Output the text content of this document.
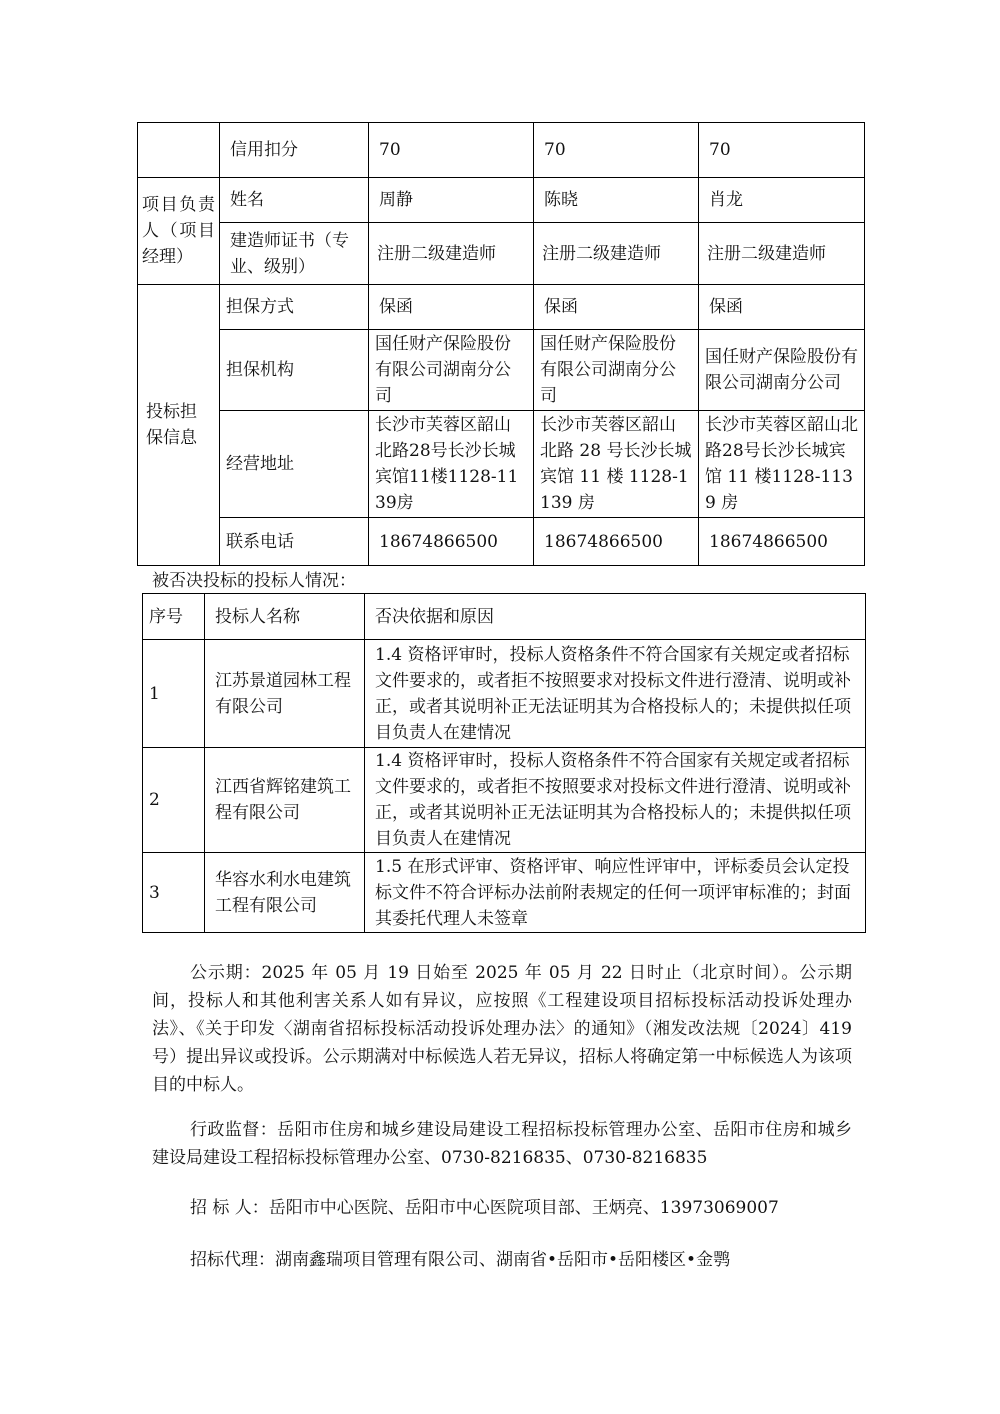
	信用扣分	70	70	70
项目负责人（项目经理）	姓名	周静	陈晓	肖龙
	建造师证书（专业、级别）	注册二级建造师	注册二级建造师	注册二级建造师
投标担保信息	担保方式	保函	保函	保函
	担保机构	国任财产保险股份有限公司湖南分公司	国任财产保险股份有限公司湖南分公司	国任财产保险股份有限公司湖南分公司
	经营地址	长沙市芙蓉区韶山北路28号长沙长城宾馆11楼1128-1139房	长沙市芙蓉区韶山北路 28 号长沙长城宾馆 11 楼 1128-1139 房	长沙市芙蓉区韶山北路28号长沙长城宾馆 11 楼1128-1139 房
	联系电话	18674866500	18674866500	18674866500
被否决投标的投标人情况：
序号	投标人名称	否决依据和原因
1	江苏景道园林工程有限公司	1.4 资格评审时，投标人资格条件不符合国家有关规定或者招标文件要求的，或者拒不按照要求对投标文件进行澄清、说明或补正，或者其说明补正无法证明其为合格投标人的；未提供拟任项目负责人在建情况
2	江西省辉铭建筑工程有限公司	1.4 资格评审时，投标人资格条件不符合国家有关规定或者招标文件要求的，或者拒不按照要求对投标文件进行澄清、说明或补正，或者其说明补正无法证明其为合格投标人的；未提供拟任项目负责人在建情况
3	华容水利水电建筑工程有限公司	1.5 在形式评审、资格评审、响应性评审中，评标委员会认定投标文件不符合评标办法前附表规定的任何一项评审标准的；封面其委托代理人未签章
公示期：2025 年 05 月 19 日始至 2025 年 05 月 22 日时止（北京时间）。公示期间，投标人和其他利害关系人如有异议，应按照《工程建设项目招标投标活动投诉处理办法》、《关于印发〈湖南省招标投标活动投诉处理办法〉的通知》（湘发改法规〔2024〕419 号）提出异议或投诉。公示期满对中标候选人若无异议，招标人将确定第一中标候选人为该项目的中标人。
行政监督：岳阳市住房和城乡建设局建设工程招标投标管理办公室、岳阳市住房和城乡建设局建设工程招标投标管理办公室、0730-8216835、0730-8216835
招 标 人：岳阳市中心医院、岳阳市中心医院项目部、王炳亮、13973069007
招标代理：湖南鑫瑞项目管理有限公司、湖南省•岳阳市•岳阳楼区•金鹗
